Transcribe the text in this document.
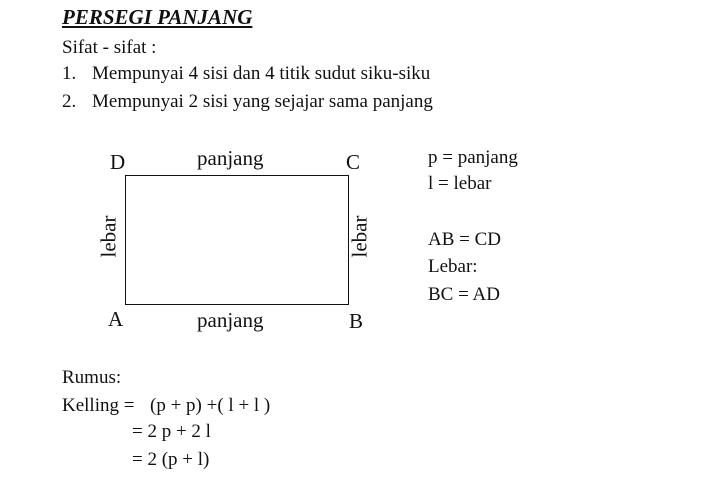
PERSEGI PANJANG
Sifat - sifat :
1. Mempunyai 4 sisi dan 4 titik sudut siku-siku
2. Mempunyai 2 sisi yang sejajar sama panjang
D	C
A	B
panjang
panjang
lebar	lebar
p = panjang
l = lebar
AB = CD
Lebar:
BC = AD
Rumus:
Kelling = (p + p) +( l + l )
= 2 p + 2 l
= 2 (p + l)
